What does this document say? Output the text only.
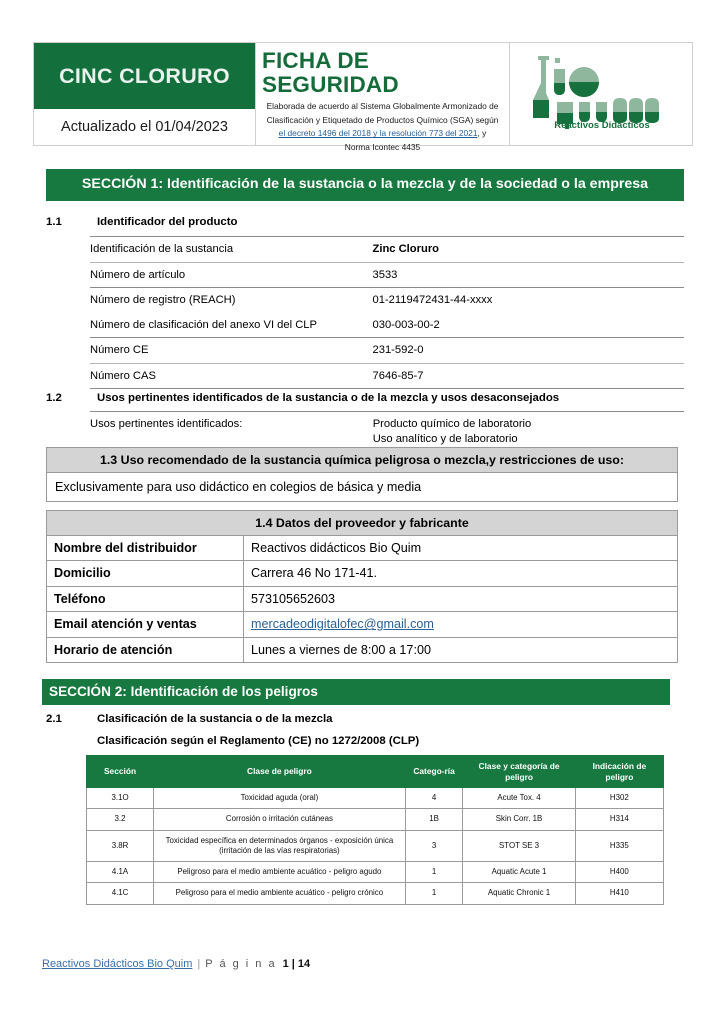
CINC CLORURO
Actualizado el 01/04/2023
FICHA DE SEGURIDAD
Elaborada de acuerdo al Sistema Globalmente Armonizado de
Clasificación y Etiquetado de Productos Químico (SGA) según
el decreto 1496 del 2018 y la resolución 773 del 2021, y
Norma Icontec 4435
Reactivos Didácticos
SECCIÓN 1: Identificación de la sustancia o la mezcla y de la sociedad o la empresa
1.1	Identificador del producto
Identificación de la sustancia	Zinc Cloruro
Número de artículo	3533
Número de registro (REACH)	01-2119472431-44-xxxx
Número de clasificación del anexo VI del CLP	030-003-00-2
Número CE	231-592-0
Número CAS	7646-85-7
1.2	Usos pertinentes identificados de la sustancia o de la mezcla y usos desaconsejados
Usos pertinentes identificados:	Producto químico de laboratorio
Uso analítico y de laboratorio
1.3 Uso recomendado de la sustancia química peligrosa o mezcla,y restricciones de uso:
Exclusivamente para uso didáctico en colegios de básica y media
1.4 Datos del proveedor y fabricante	
Nombre del distribuidor	Reactivos didácticos Bio Quim
Domicilio	Carrera 46 No 171-41.
Teléfono	573105652603
Email atención y ventas	mercadeodigitalofec@gmail.com
Horario de atención	Lunes a viernes de 8:00 a 17:00
SECCIÓN 2: Identificación de los peligros
2.1	Clasificación de la sustancia o de la mezcla
Clasificación según el Reglamento (CE) no 1272/2008 (CLP)
Sección	Clase de peligro	Catego-ría	Clase y categoría de peligro	Indicación de peligro
3.1O	Toxicidad aguda (oral)	4	Acute Tox. 4	H302
3.2	Corrosión o irritación cutáneas	1B	Skin Corr. 1B	H314
3.8R	Toxicidad específica en determinados órganos - exposición única (irritación de las vías respiratorias)	3	STOT SE 3	H335
4.1A	Peligroso para el medio ambiente acuático - peligro agudo	1	Aquatic Acute 1	H400
4.1C	Peligroso para el medio ambiente acuático - peligro crónico	1	Aquatic Chronic 1	H410
Reactivos Didácticos Bio Quim | P á g i n a 1 | 14
